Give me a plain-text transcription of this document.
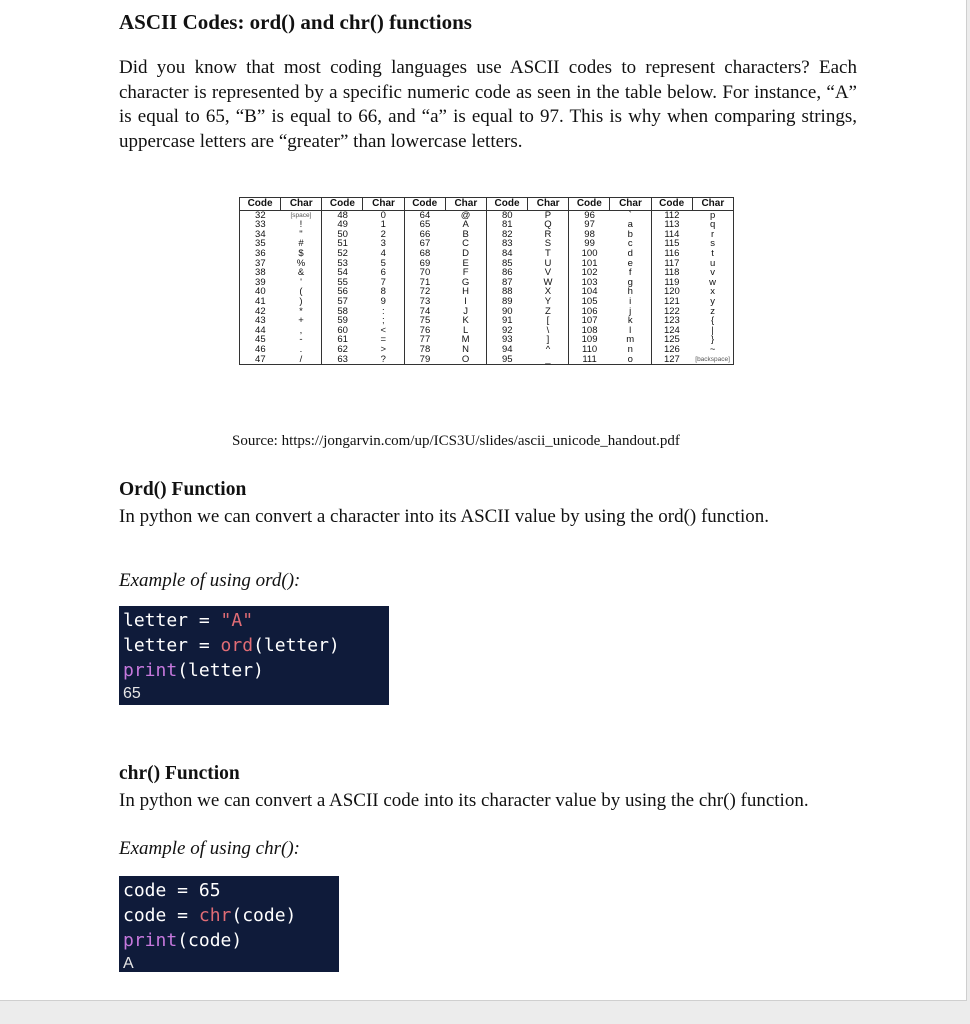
ASCII Codes: ord() and chr() functions

Did you know that most coding languages use ASCII codes to represent characters? Each character is represented by a specific numeric code as seen in the table below. For instance, “A” is equal to 65, “B” is equal to 66, and “a” is equal to 97. This is why when comparing strings, uppercase letters are “greater” than lowercase letters.

Code	Char	Code	Char	Code	Char	Code	Char	Code	Char	Code	Char
32	[space]	48	0	64	@	80	P	96	`	112	p
33	!	49	1	65	A	81	Q	97	a	113	q
34	"	50	2	66	B	82	R	98	b	114	r
35	#	51	3	67	C	83	S	99	c	115	s
36	$	52	4	68	D	84	T	100	d	116	t
37	%	53	5	69	E	85	U	101	e	117	u
38	&	54	6	70	F	86	V	102	f	118	v
39	'	55	7	71	G	87	W	103	g	119	w
40	(	56	8	72	H	88	X	104	h	120	x
41	)	57	9	73	I	89	Y	105	i	121	y
42	*	58	:	74	J	90	Z	106	j	122	z
43	+	59	;	75	K	91	[	107	k	123	{
44	,	60	<	76	L	92	\	108	l	124	|
45	-	61	=	77	M	93	]	109	m	125	}
46	.	62	>	78	N	94	^	110	n	126	~
47	/	63	?	79	O	95	_	111	o	127	[backspace]
Source: https://jongarvin.com/up/ICS3U/slides/ascii_unicode_handout.pdf
Ord() Function

In python we can convert a character into its ASCII value by using the ord() function.

Example of using ord():
letter = "A"
letter = ord(letter)
print(letter)
65
chr() Function

In python we can convert a ASCII code into its character value by using the chr() function.

Example of using chr():
code = 65
code = chr(code)
print(code)
A
